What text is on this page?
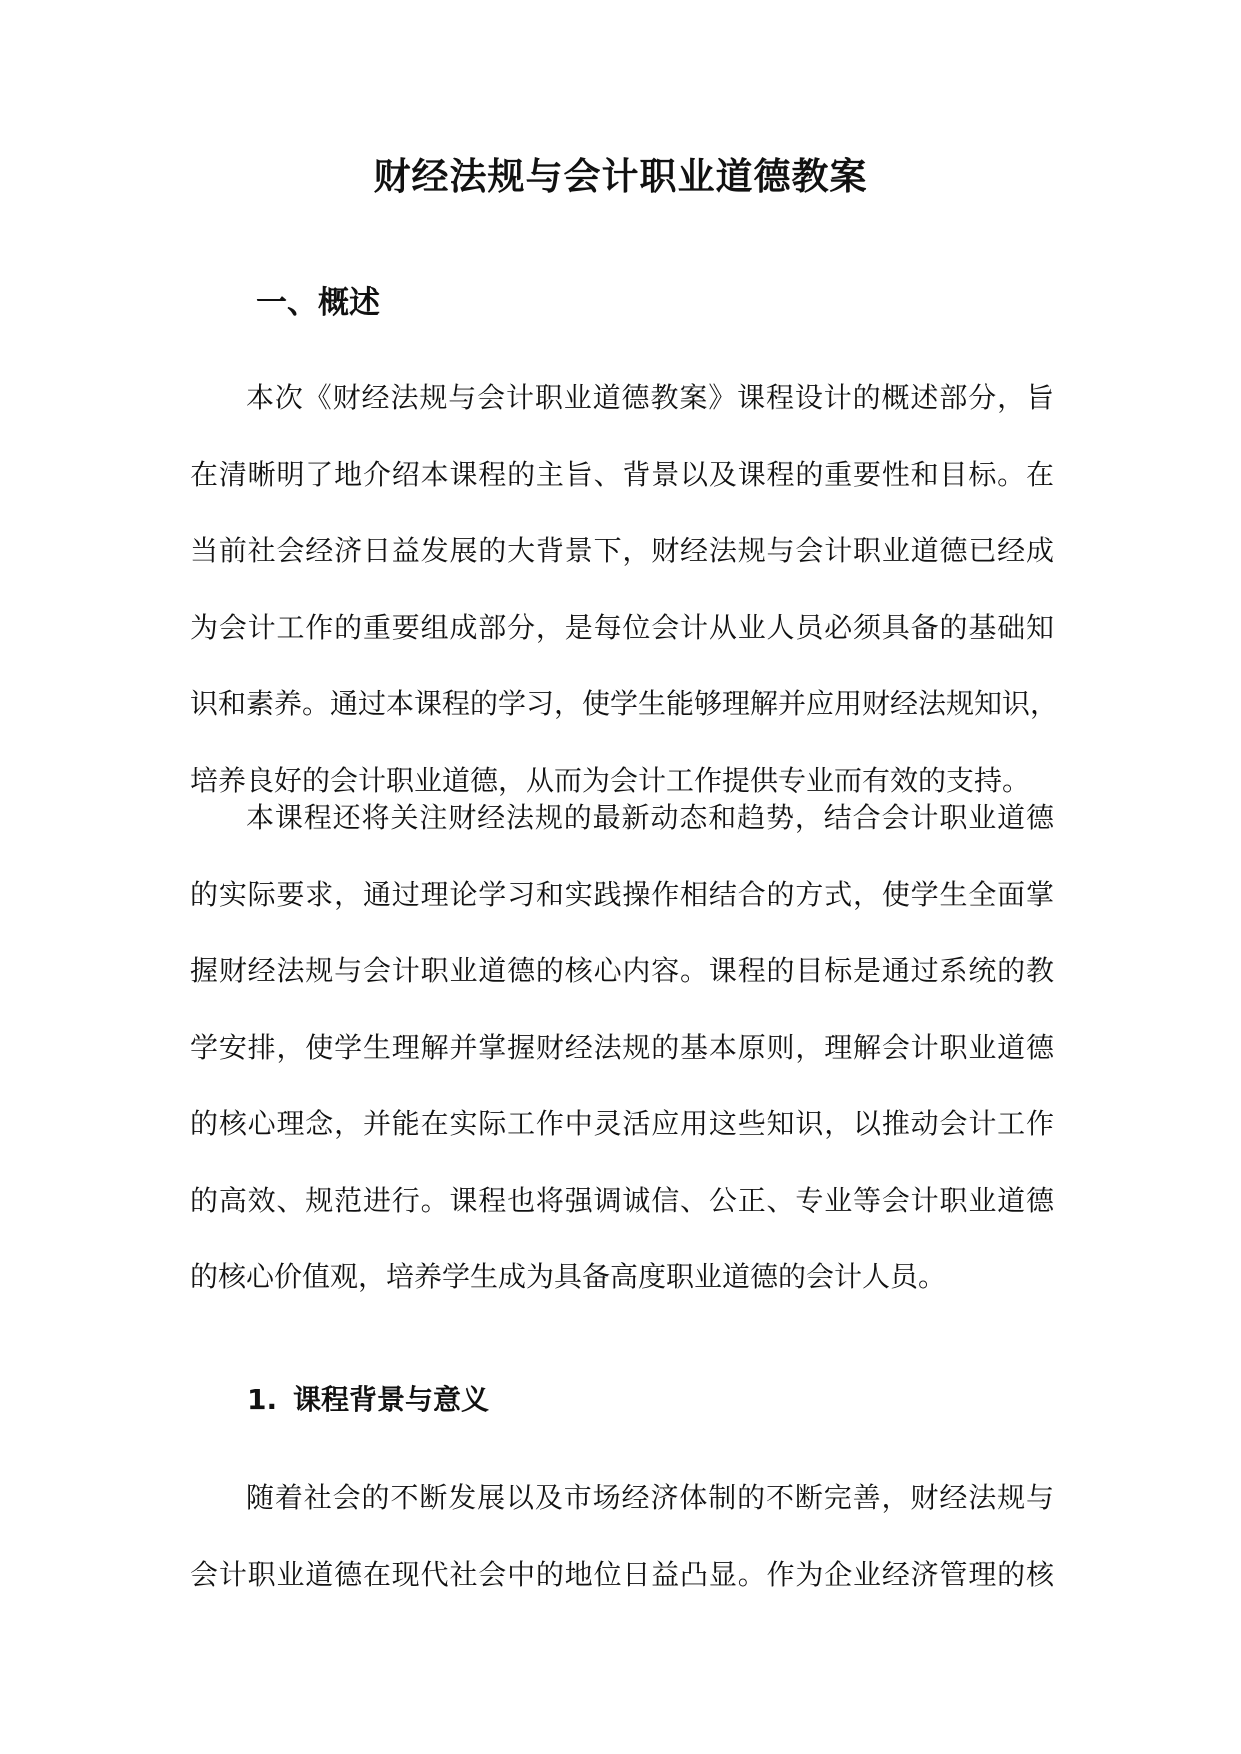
财经法规与会计职业道德教案
一、概述

本次《财经法规与会计职业道德教案》课程设计的概述部分，旨
在清晰明了地介绍本课程的主旨、背景以及课程的重要性和目标。在
当前社会经济日益发展的大背景下，财经法规与会计职业道德已经成
为会计工作的重要组成部分，是每位会计从业人员必须具备的基础知
识和素养。通过本课程的学习，使学生能够理解并应用财经法规知识，
培养良好的会计职业道德，从而为会计工作提供专业而有效的支持。

本课程还将关注财经法规的最新动态和趋势，结合会计职业道德
的实际要求，通过理论学习和实践操作相结合的方式，使学生全面掌
握财经法规与会计职业道德的核心内容。课程的目标是通过系统的教
学安排，使学生理解并掌握财经法规的基本原则，理解会计职业道德
的核心理念，并能在实际工作中灵活应用这些知识，以推动会计工作
的高效、规范进行。课程也将强调诚信、公正、专业等会计职业道德
的核心价值观，培养学生成为具备高度职业道德的会计人员。

1. 课程背景与意义

随着社会的不断发展以及市场经济体制的不断完善，财经法规与
会计职业道德在现代社会中的地位日益凸显。作为企业经济管理的核
